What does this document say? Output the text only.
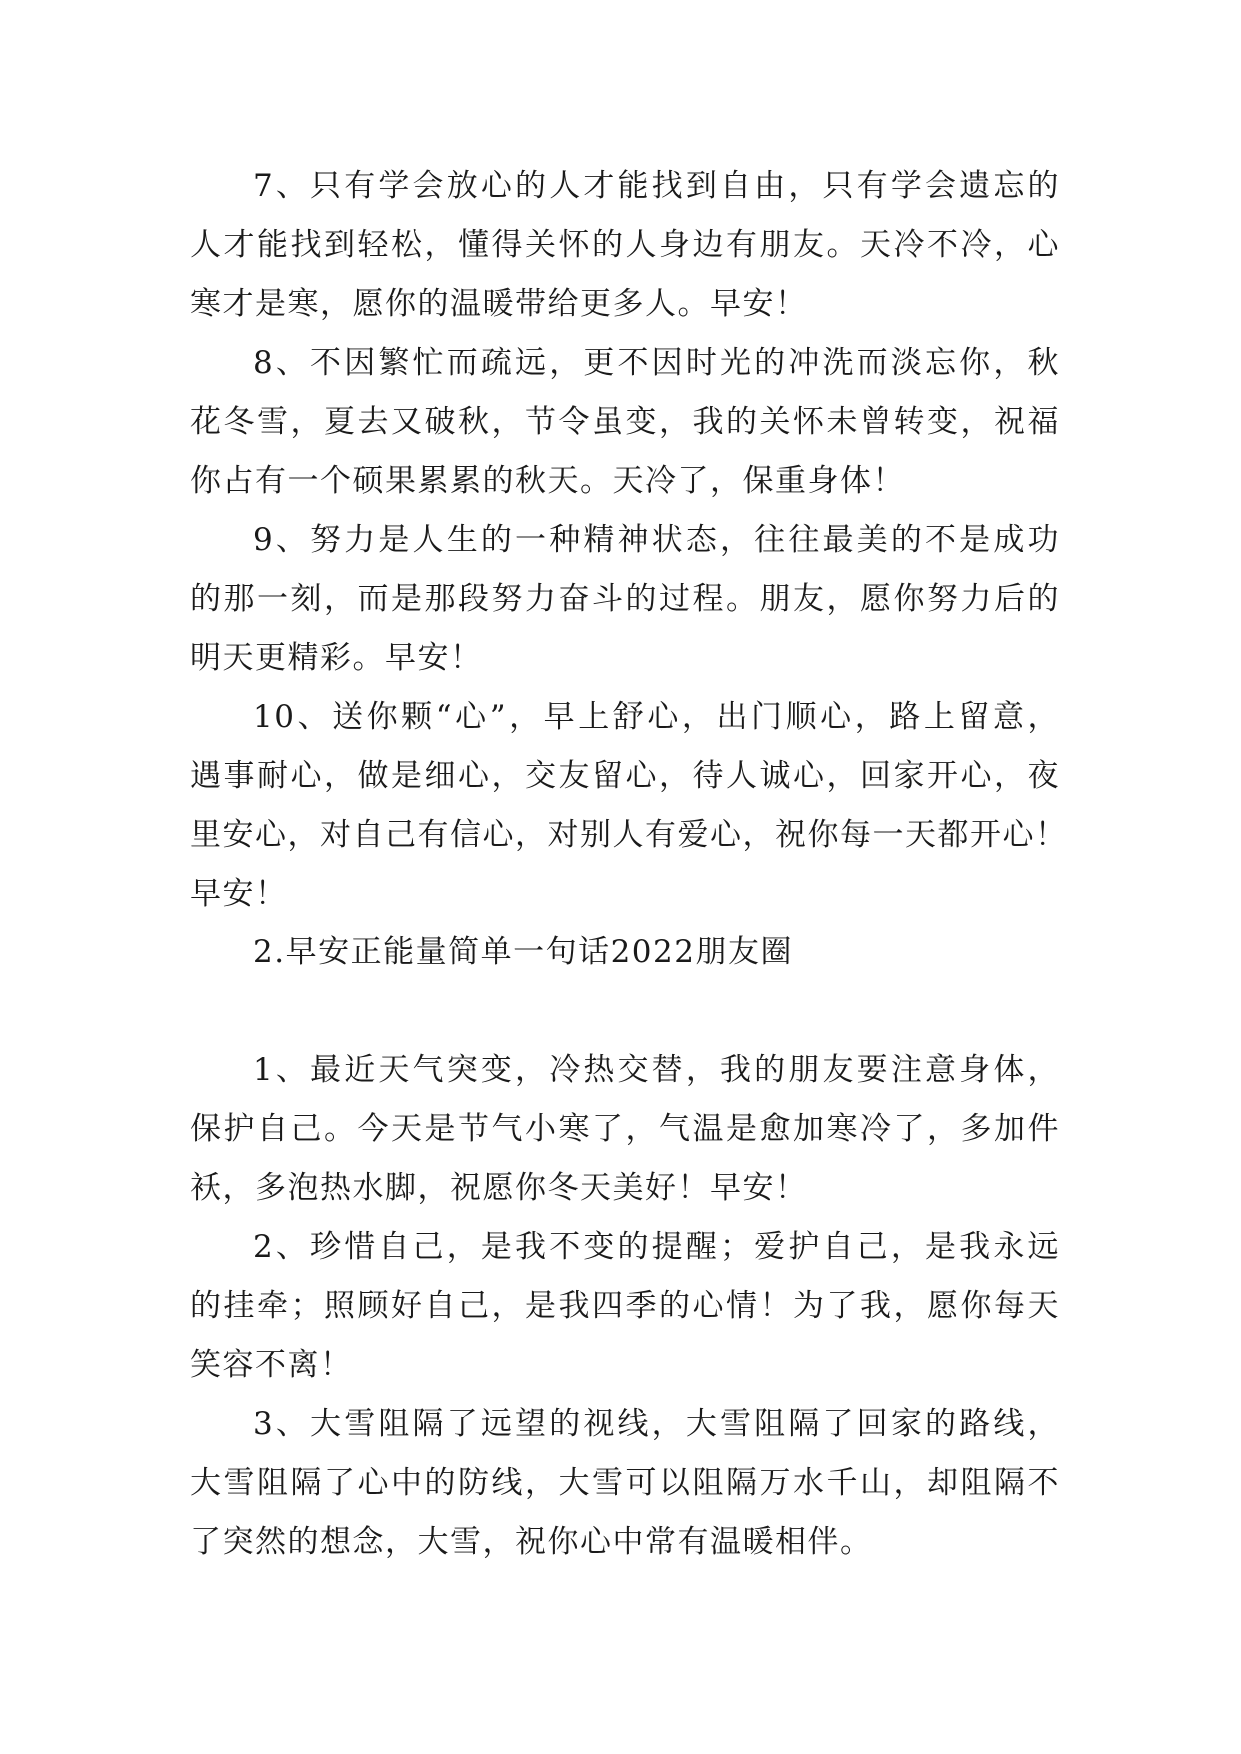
7、只有学会放心的人才能找到自由，只有学会遗忘的
人才能找到轻松，懂得关怀的人身边有朋友。天冷不冷，心
寒才是寒，愿你的温暖带给更多人。早安！
8、不因繁忙而疏远，更不因时光的冲洗而淡忘你，秋
花冬雪，夏去又破秋，节令虽变，我的关怀未曾转变，祝福
你占有一个硕果累累的秋天。天冷了，保重身体！
9、努力是人生的一种精神状态，往往最美的不是成功
的那一刻，而是那段努力奋斗的过程。朋友，愿你努力后的
明天更精彩。早安！
10、送你颗“心”，早上舒心，出门顺心，路上留意，
遇事耐心，做是细心，交友留心，待人诚心，回家开心，夜
里安心，对自己有信心，对别人有爱心，祝你每一天都开心！
早安！
2.早安正能量简单一句话2022朋友圈
1、最近天气突变，冷热交替，我的朋友要注意身体，
保护自己。今天是节气小寒了，气温是愈加寒冷了，多加件
袄，多泡热水脚，祝愿你冬天美好！早安！
2、珍惜自己，是我不变的提醒；爱护自己，是我永远
的挂牵；照顾好自己，是我四季的心情！为了我，愿你每天
笑容不离！
3、大雪阻隔了远望的视线，大雪阻隔了回家的路线，
大雪阻隔了心中的防线，大雪可以阻隔万水千山，却阻隔不
了突然的想念，大雪，祝你心中常有温暖相伴。
